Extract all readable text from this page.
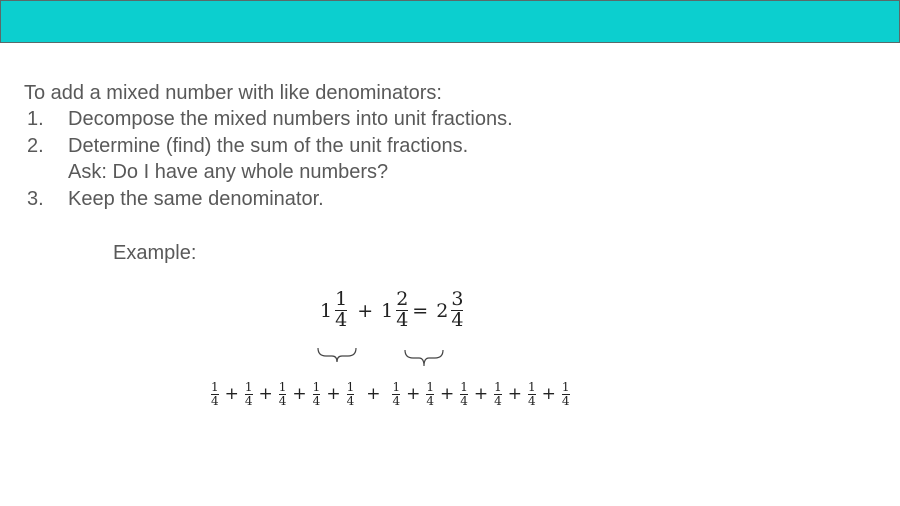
To add a mixed number with like denominators:

1. Decompose the mixed numbers into unit fractions.
2. Determine (find) the sum of the unit fractions.
Ask: Do I have any whole numbers?
3. Keep the same denominator.
Example:
$1 \frac{1}{4} + 1 \frac{2}{4} = 2 \frac{3}{4}$
$\frac{1}{4} + \frac{1}{4} + \frac{1}{4} + \frac{1}{4} + \frac{1}{4} + \frac{1}{4} + \frac{1}{4} + \frac{1}{4} + \frac{1}{4} + \frac{1}{4} + \frac{1}{4}$
